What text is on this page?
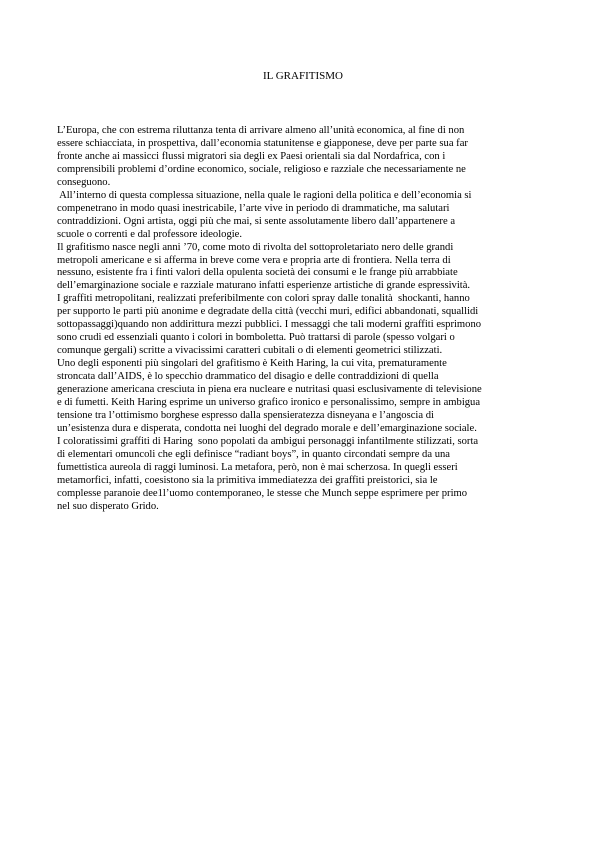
IL GRAFITISMO
L’Europa, che con estrema riluttanza tenta di arrivare almeno all’unità economica, al fine di non
essere schiacciata, in prospettiva, dall’economia statunitense e giapponese, deve per parte sua far
fronte anche ai massicci flussi migratori sia degli ex Paesi orientali sia dal Nordafrica, con i
comprensibili problemi d’ordine economico, sociale, religioso e razziale che necessariamente ne
conseguono.
All’interno di questa complessa situazione, nella quale le ragioni della politica e dell’economia si
compenetrano in modo quasi inestricabile, l’arte vive in periodo di drammatiche, ma salutari
contraddizioni. Ogni artista, oggi più che mai, si sente assolutamente libero dall’appartenere a
scuole o correnti e dal professore ideologie.
Il grafitismo nasce negli anni ’70, come moto di rivolta del sottoproletariato nero delle grandi
metropoli americane e si afferma in breve come vera e propria arte di frontiera. Nella terra di
nessuno, esistente fra i finti valori della opulenta società dei consumi e le frange più arrabbiate
dell’emarginazione sociale e razziale maturano infatti esperienze artistiche di grande espressività.
I graffiti metropolitani, realizzati preferibilmente con colori spray dalle tonalità  shockanti, hanno
per supporto le parti più anonime e degradate della città (vecchi muri, edifici abbandonati, squallidi
sottopassaggi)quando non addirittura mezzi pubblici. I messaggi che tali moderni graffiti esprimono
sono crudi ed essenziali quanto i colori in bomboletta. Può trattarsi di parole (spesso volgari o
comunque gergali) scritte a vivacissimi caratteri cubitali o di elementi geometrici stilizzati.
Uno degli esponenti più singolari del grafitismo è Keith Haring, la cui vita, prematuramente
stroncata dall’AIDS, è lo specchio drammatico del disagio e delle contraddizioni di quella
generazione americana cresciuta in piena era nucleare e nutritasi quasi esclusivamente di televisione
e di fumetti. Keith Haring esprime un universo grafico ironico e personalissimo, sempre in ambigua
tensione tra l’ottimismo borghese espresso dalla spensieratezza disneyana e l’angoscia di
un’esistenza dura e disperata, condotta nei luoghi del degrado morale e dell’emarginazione sociale.
I coloratissimi graffiti di Haring  sono popolati da ambigui personaggi infantilmente stilizzati, sorta
di elementari omuncoli che egli definisce “radiant boys”, in quanto circondati sempre da una
fumettistica aureola di raggi luminosi. La metafora, però, non è mai scherzosa. In quegli esseri
metamorfici, infatti, coesistono sia la primitiva immediatezza dei graffiti preistorici, sia le
complesse paranoie dee1l’uomo contemporaneo, le stesse che Munch seppe esprimere per primo
nel suo disperato Grido.
